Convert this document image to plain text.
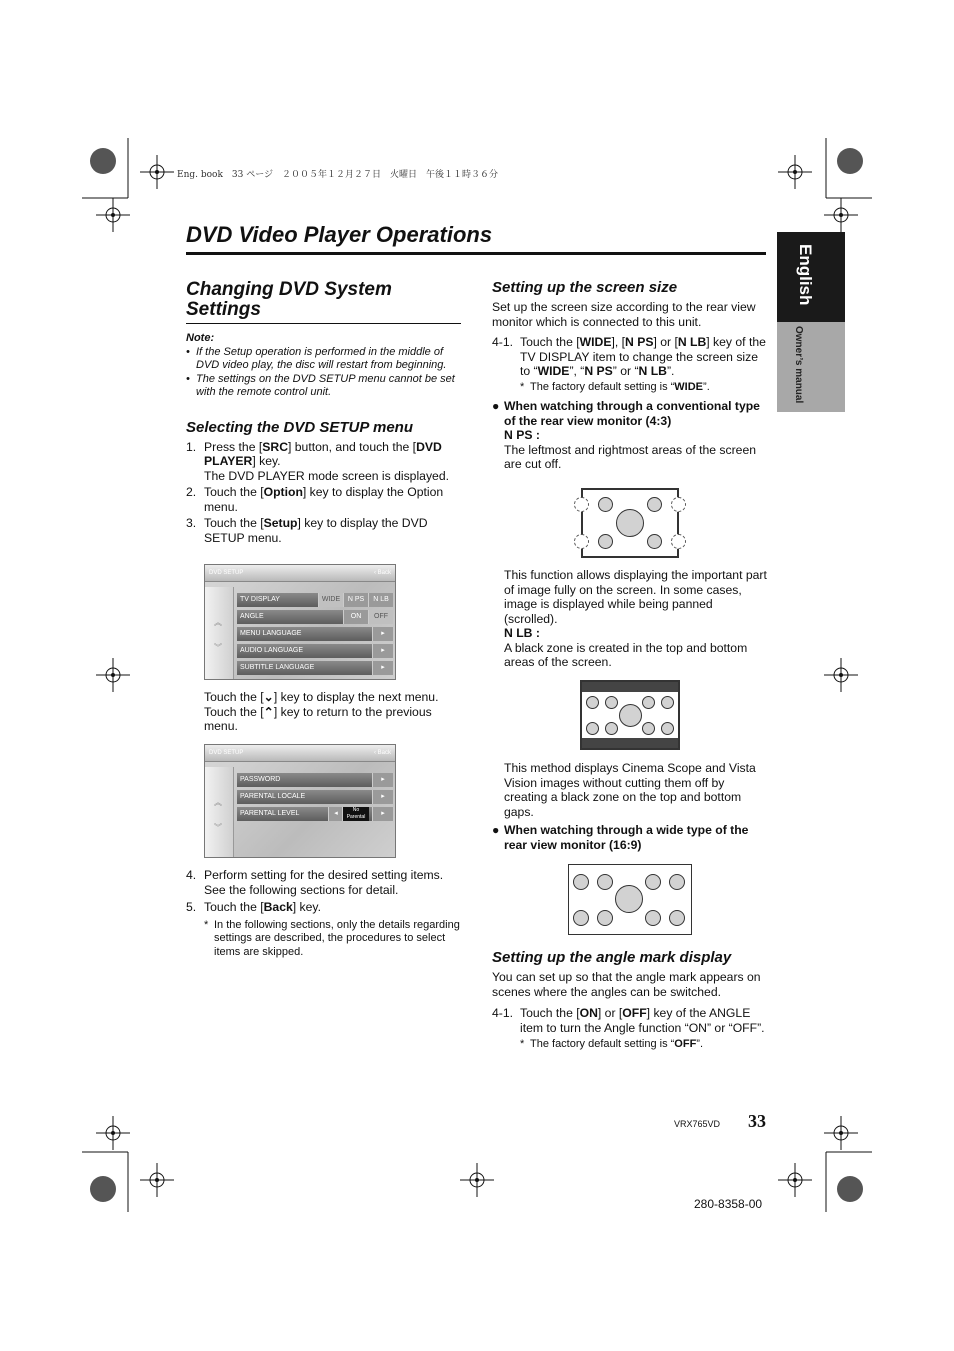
Eng. book　33 ページ　２００５年１２月２７日　火曜日　午後１１時３６分
DVD Video Player Operations
English
Owner’s manual
Changing DVD System Settings
Note:
• If the Setup operation is performed in the middle of DVD video play, the disc will restart from beginning.
• The settings on the DVD SETUP menu cannot be set with the remote control unit.
Selecting the DVD SETUP menu
1. Press the [SRC] button, and touch the [DVD PLAYER] key.
The DVD PLAYER mode screen is displayed.
2. Touch the [Option] key to display the Option menu.
3. Touch the [Setup] key to display the DVD SETUP menu.
DVD SETUP	‹ Back
︽
︾
TV DISPLAY	WIDE	N PS	N LB
ANGLE	ON	OFF
MENU LANGUAGE	▸
AUDIO LANGUAGE	▸
SUBTITLE LANGUAGE	▸
Touch the [⌄] key to display the next menu.
Touch the [⌃] key to return to the previous menu.
DVD SETUP	‹ Back
︽
︾
PASSWORD	▸
PARENTAL LOCALE	▸
PARENTAL LEVEL	◂	No Parental	▸
4. Perform setting for the desired setting items. See the following sections for detail.
5. Touch the [Back] key.
* In the following sections, only the details regarding settings are described, the procedures to select items are skipped.
Setting up the screen size
Set up the screen size according to the rear view monitor which is connected to this unit.
4-1. Touch the [WIDE], [N PS] or [N LB] key of the TV DISPLAY item to change the screen size to “WIDE”, “N PS” or “N LB”.
* The factory default setting is “WIDE”.
● When watching through a conventional type of the rear view monitor (4:3)
N PS :
The leftmost and rightmost areas of the screen are cut off.
This function allows displaying the important part of image fully on the screen. In some cases, image is displayed while being panned (scrolled).
N LB :
A black zone is created in the top and bottom areas of the screen.
This method displays Cinema Scope and Vista Vision images without cutting them off by creating a black zone on the top and bottom gaps.
● When watching through a wide type of the rear view monitor (16:9)
Setting up the angle mark display
You can set up so that the angle mark appears on scenes where the angles can be switched.
4-1. Touch the [ON] or [OFF] key of the ANGLE item to turn the Angle function “ON” or “OFF”.
* The factory default setting is “OFF”.
VRX765VD 33
280-8358-00
